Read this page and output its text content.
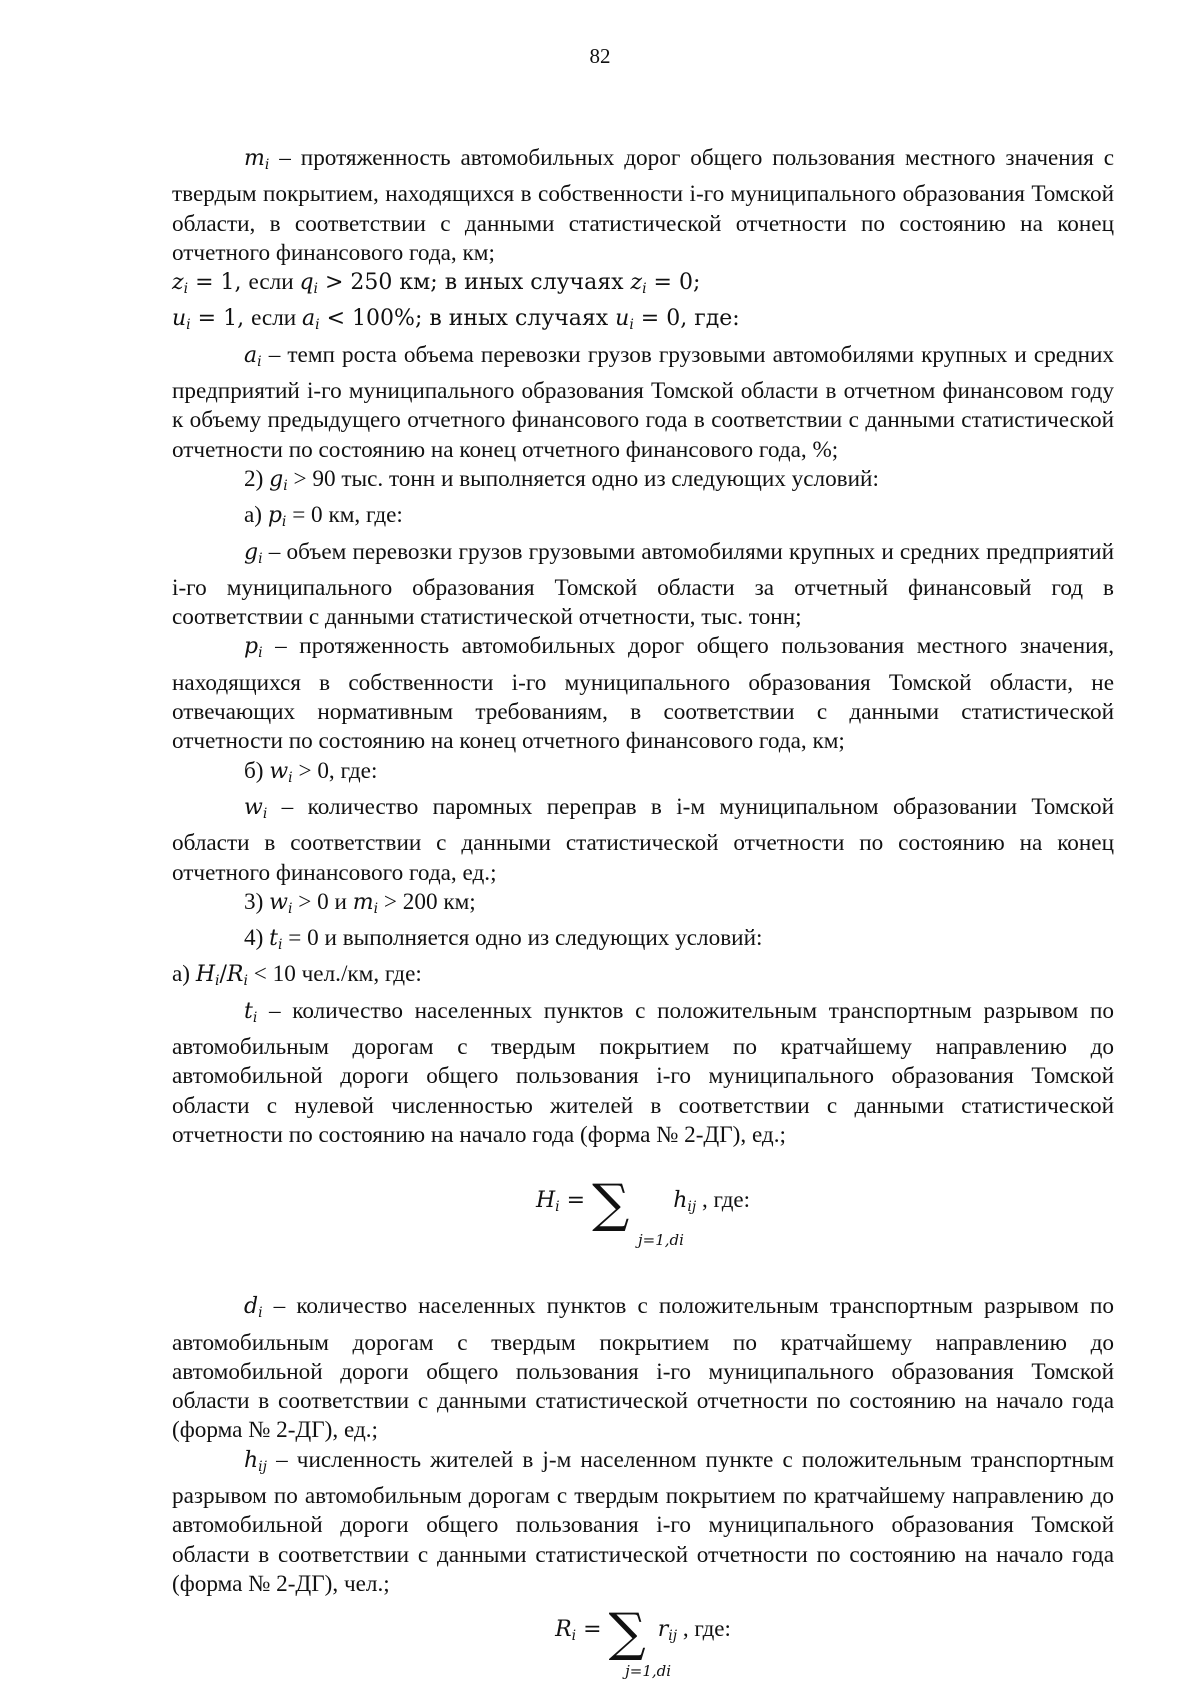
82

$m_i$ – протяженность автомобильных дорог общего пользования местного значения с твердым покрытием, находящихся в собственности i-го муниципального образования Томской области, в соответствии с данными статистической отчетности по состоянию на конец отчетного финансового года, км;

$z_i = 1$, если $q_i > 250$ км; в иных случаях $z_i = 0$;

$u_i = 1$, если $a_i < 100\%$; в иных случаях $u_i = 0$, где:

$a_i$ – темп роста объема перевозки грузов грузовыми автомобилями крупных и средних предприятий i-го муниципального образования Томской области в отчетном финансовом году к объему предыдущего отчетного финансового года в соответствии с данными статистической отчетности по состоянию на конец отчетного финансового года, %;

2) $g_i > 90$ тыс. тонн и выполняется одно из следующих условий:

а) $p_i = 0$ км, где:

$g_i$ – объем перевозки грузов грузовыми автомобилями крупных и средних предприятий i-го муниципального образования Томской области за отчетный финансовый год в соответствии с данными статистической отчетности, тыс. тонн;

$p_i$ – протяженность автомобильных дорог общего пользования местного значения, находящихся в собственности i-го муниципального образования Томской области, не отвечающих нормативным требованиям, в соответствии с данными статистической отчетности по состоянию на конец отчетного финансового года, км;

б) $w_i > 0$, где:

$w_i$ – количество паромных переправ в i-м муниципальном образовании Томской области в соответствии с данными статистической отчетности по состоянию на конец отчетного финансового года, ед.;

3) $w_i > 0$ и $m_i > 200$ км;

4) $t_i = 0$ и выполняется одно из следующих условий:

а) $H_i/R_i < 10$ чел./км, где:

$t_i$ – количество населенных пунктов с положительным транспортным разрывом по автомобильным дорогам с твердым покрытием по кратчайшему направлению до автомобильной дороги общего пользования i-го муниципального образования Томской области с нулевой численностью жителей в соответствии с данными статистической отчетности по состоянию на начало года (форма № 2-ДГ), ед.;

$H_i$ = ∑
j=1,di
$h_{ij}$ , где:

$d_i$ – количество населенных пунктов с положительным транспортным разрывом по автомобильным дорогам с твердым покрытием по кратчайшему направлению до автомобильной дороги общего пользования i-го муниципального образования Томской области в соответствии с данными статистической отчетности по состоянию на начало года (форма № 2-ДГ), ед.;

$h_{ij}$ – численность жителей в j-м населенном пункте с положительным транспортным разрывом по автомобильным дорогам с твердым покрытием по кратчайшему направлению до автомобильной дороги общего пользования i-го муниципального образования Томской области в соответствии с данными статистической отчетности по состоянию на начало года (форма № 2-ДГ), чел.;

$R_i$ = ∑
j=1,di
$r_{ij}$ , где:
